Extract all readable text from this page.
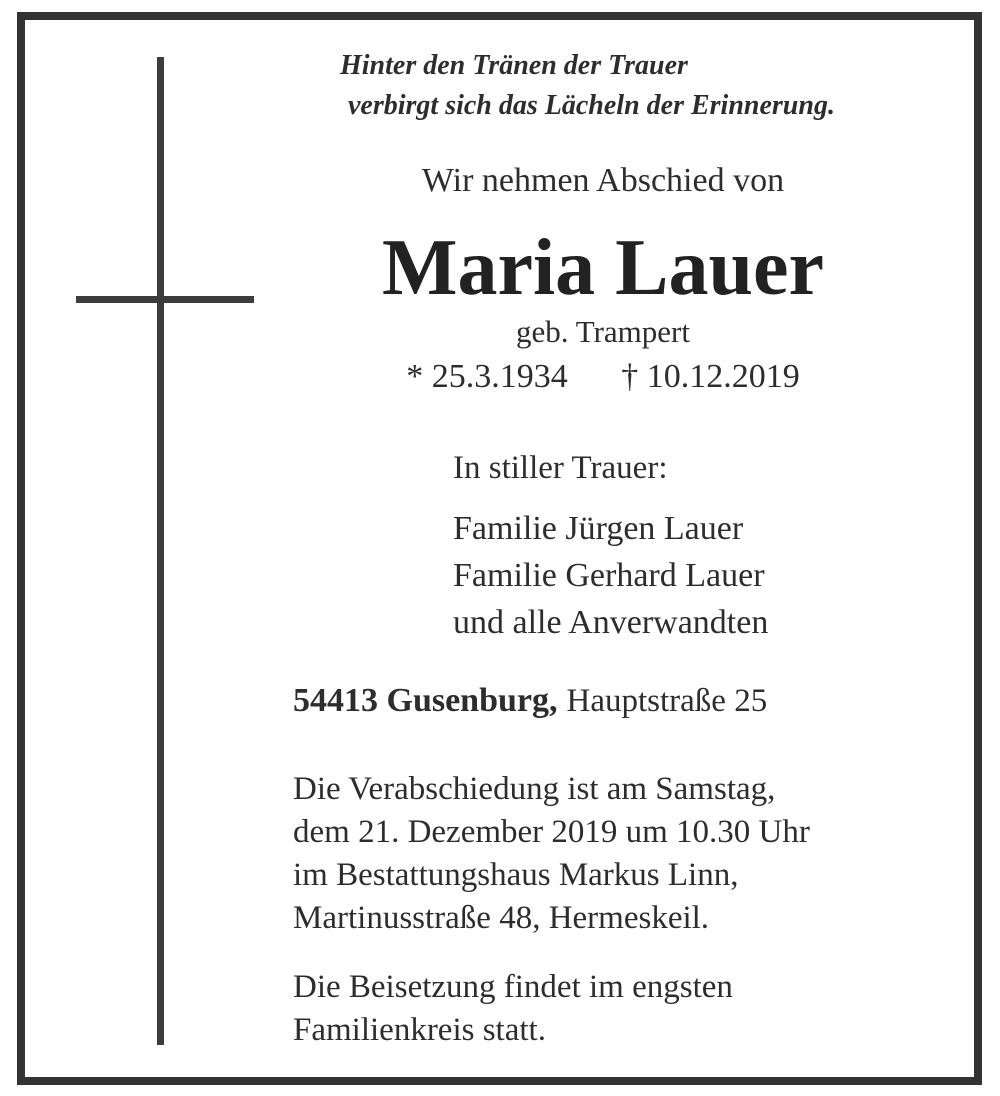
Hinter den Tränen der Trauer
verbirgt sich das Lächeln der Erinnerung.
Wir nehmen Abschied von
Maria Lauer
geb. Trampert
* 25.3.1934 † 10.12.2019
In stiller Trauer:
Familie Jürgen Lauer
Familie Gerhard Lauer
und alle Anverwandten
54413 Gusenburg, Hauptstraße 25
Die Verabschiedung ist am Samstag,
dem 21. Dezember 2019 um 10.30 Uhr
im Bestattungshaus Markus Linn,
Martinusstraße 48, Hermeskeil.
Die Beisetzung findet im engsten
Familienkreis statt.
